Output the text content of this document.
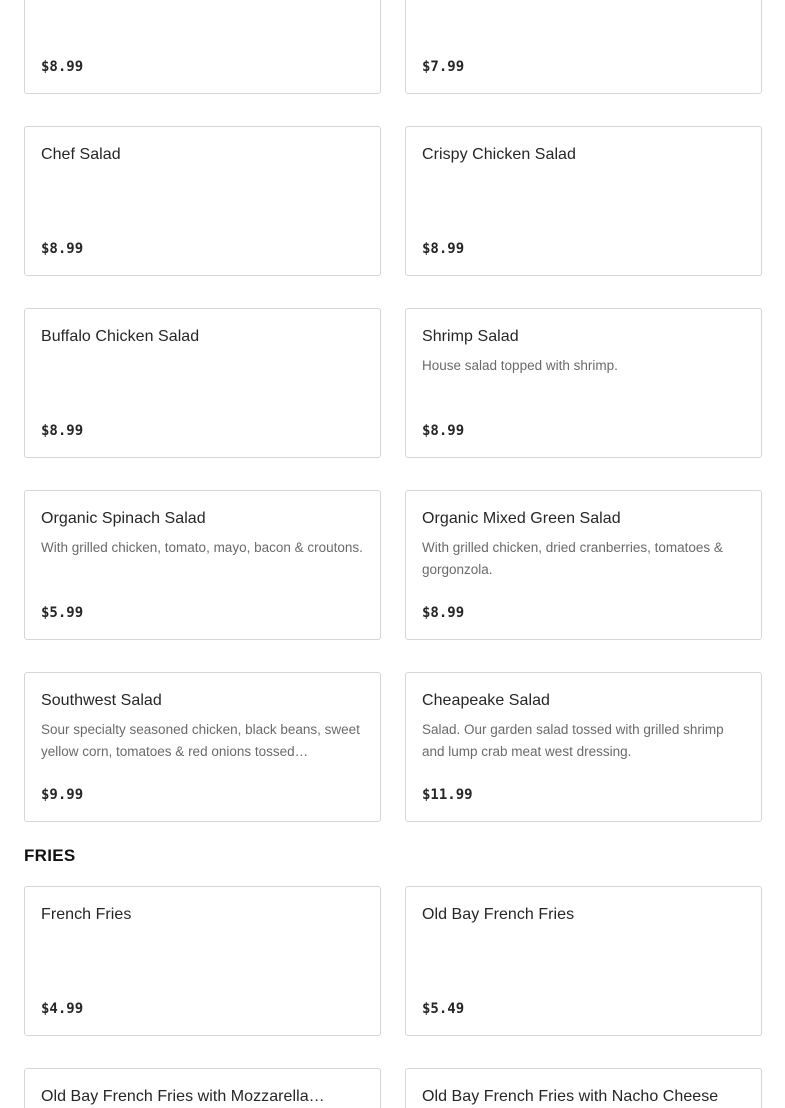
$8.99	$7.99
Chef Salad
$8.99
Crispy Chicken Salad
$8.99
Buffalo Chicken Salad
$8.99
Shrimp Salad
House salad topped with shrimp.
$8.99
Organic Spinach Salad
With grilled chicken, tomato, mayo, bacon & croutons.
$5.99
Organic Mixed Green Salad
With grilled chicken, dried cranberries, tomatoes & gorgonzola.
$8.99
Southwest Salad
Sour specialty seasoned chicken, black beans, sweet yellow corn, tomatoes & red onions tossed…
$9.99
Cheapeake Salad
Salad. Our garden salad tossed with grilled shrimp and lump crab meat west dressing.
$11.99
FRIES
French Fries
$4.99
Old Bay French Fries
$5.49
Old Bay French Fries with Mozzarella…	Old Bay French Fries with Nacho Cheese
